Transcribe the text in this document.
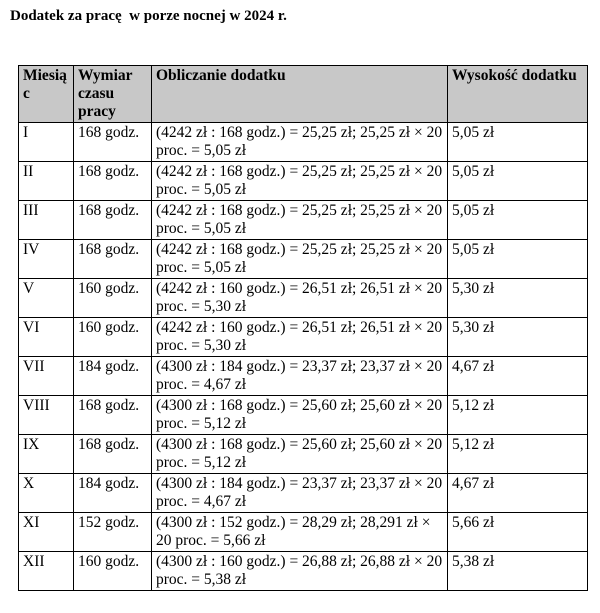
Dodatek za pracę  w porze nocnej w 2024 r.
Miesiąc	Wymiar czasu pracy	Obliczanie dodatku	Wysokość dodatku
I	168 godz.	(4242 zł : 168 godz.) = 25,25 zł; 25,25 zł × 20 proc. = 5,05 zł	5,05 zł
II	168 godz.	(4242 zł : 168 godz.) = 25,25 zł; 25,25 zł × 20 proc. = 5,05 zł	5,05 zł
III	168 godz.	(4242 zł : 168 godz.) = 25,25 zł; 25,25 zł × 20 proc. = 5,05 zł	5,05 zł
IV	168 godz.	(4242 zł : 168 godz.) = 25,25 zł; 25,25 zł × 20 proc. = 5,05 zł	5,05 zł
V	160 godz.	(4242 zł : 160 godz.) = 26,51 zł; 26,51 zł × 20 proc. = 5,30 zł	5,30 zł
VI	160 godz.	(4242 zł : 160 godz.) = 26,51 zł; 26,51 zł × 20 proc. = 5,30 zł	5,30 zł
VII	184 godz.	(4300 zł : 184 godz.) = 23,37 zł; 23,37 zł × 20 proc. = 4,67 zł	4,67 zł
VIII	168 godz.	(4300 zł : 168 godz.) = 25,60 zł; 25,60 zł × 20 proc. = 5,12 zł	5,12 zł
IX	168 godz.	(4300 zł : 168 godz.) = 25,60 zł; 25,60 zł × 20 proc. = 5,12 zł	5,12 zł
X	184 godz.	(4300 zł : 184 godz.) = 23,37 zł; 23,37 zł × 20 proc. = 4,67 zł	4,67 zł
XI	152 godz.	(4300 zł : 152 godz.) = 28,29 zł; 28,291 zł × 20 proc. = 5,66 zł	5,66 zł
XII	160 godz.	(4300 zł : 160 godz.) = 26,88 zł; 26,88 zł × 20 proc. = 5,38 zł	5,38 zł
